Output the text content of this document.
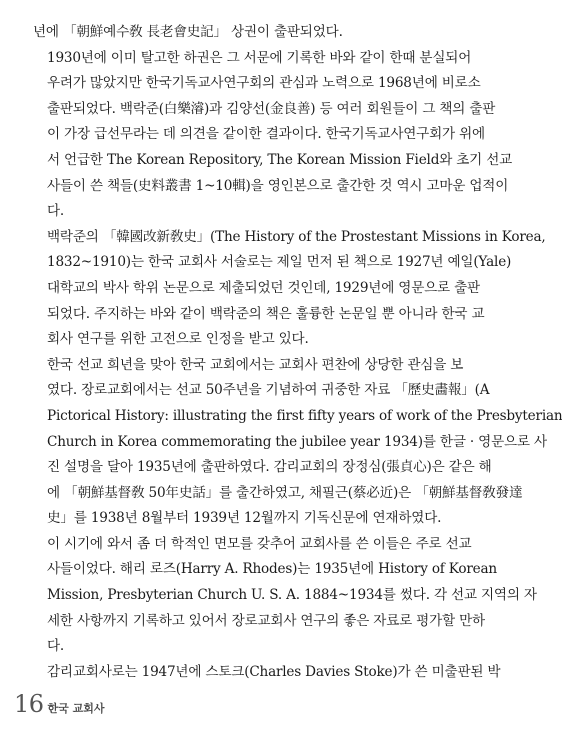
년에 「朝鮮예수敎 長老會史記」 상권이 출판되었다.

1930년에 이미 탈고한 하권은 그 서문에 기록한 바와 같이 한때 분실되어
우려가 많았지만 한국기독교사연구회의 관심과 노력으로 1968년에 비로소
출판되었다. 백락준(白樂濬)과 김양선(金良善) 등 여러 회원들이 그 책의 출판
이 가장 급선무라는 데 의견을 같이한 결과이다. 한국기독교사연구회가 위에
서 언급한 The Korean Repository, The Korean Mission Field와 초기 선교
사들이 쓴 책들(史料叢書 1~10輯)을 영인본으로 출간한 것 역시 고마운 업적이
다.

백락준의 「韓國改新敎史」(The History of the Prostestant Missions in Korea,
1832~1910)는 한국 교회사 서술로는 제일 먼저 된 책으로 1927년 예일(Yale)
대학교의 박사 학위 논문으로 제출되었던 것인데, 1929년에 영문으로 출판
되었다. 주지하는 바와 같이 백락준의 책은 훌륭한 논문일 뿐 아니라 한국 교
회사 연구를 위한 고전으로 인정을 받고 있다.

한국 선교 희년을 맞아 한국 교회에서는 교회사 편찬에 상당한 관심을 보
였다. 장로교회에서는 선교 50주년을 기념하여 귀중한 자료 「歷史畵報」(A
Pictorical History: illustrating the first fifty years of work of the Presbyterian
Church in Korea commemorating the jubilee year 1934)를 한글 · 영문으로 사
진 설명을 달아 1935년에 출판하였다. 감리교회의 장정심(張貞心)은 같은 해
에 「朝鮮基督敎 50年史話」를 출간하였고, 채필근(蔡必近)은 「朝鮮基督敎發達
史」를 1938년 8월부터 1939년 12월까지 기독신문에 연재하였다.

이 시기에 와서 좀 더 학적인 면모를 갖추어 교회사를 쓴 이들은 주로 선교
사들이었다. 해리 로즈(Harry A. Rhodes)는 1935년에 History of Korean
Mission, Presbyterian Church U. S. A. 1884~1934를 썼다. 각 선교 지역의 자
세한 사항까지 기록하고 있어서 장로교회사 연구의 좋은 자료로 평가할 만하
다.

감리교회사로는 1947년에 스토크(Charles Davies Stoke)가 쓴 미출판된 박

16 한국 교회사
